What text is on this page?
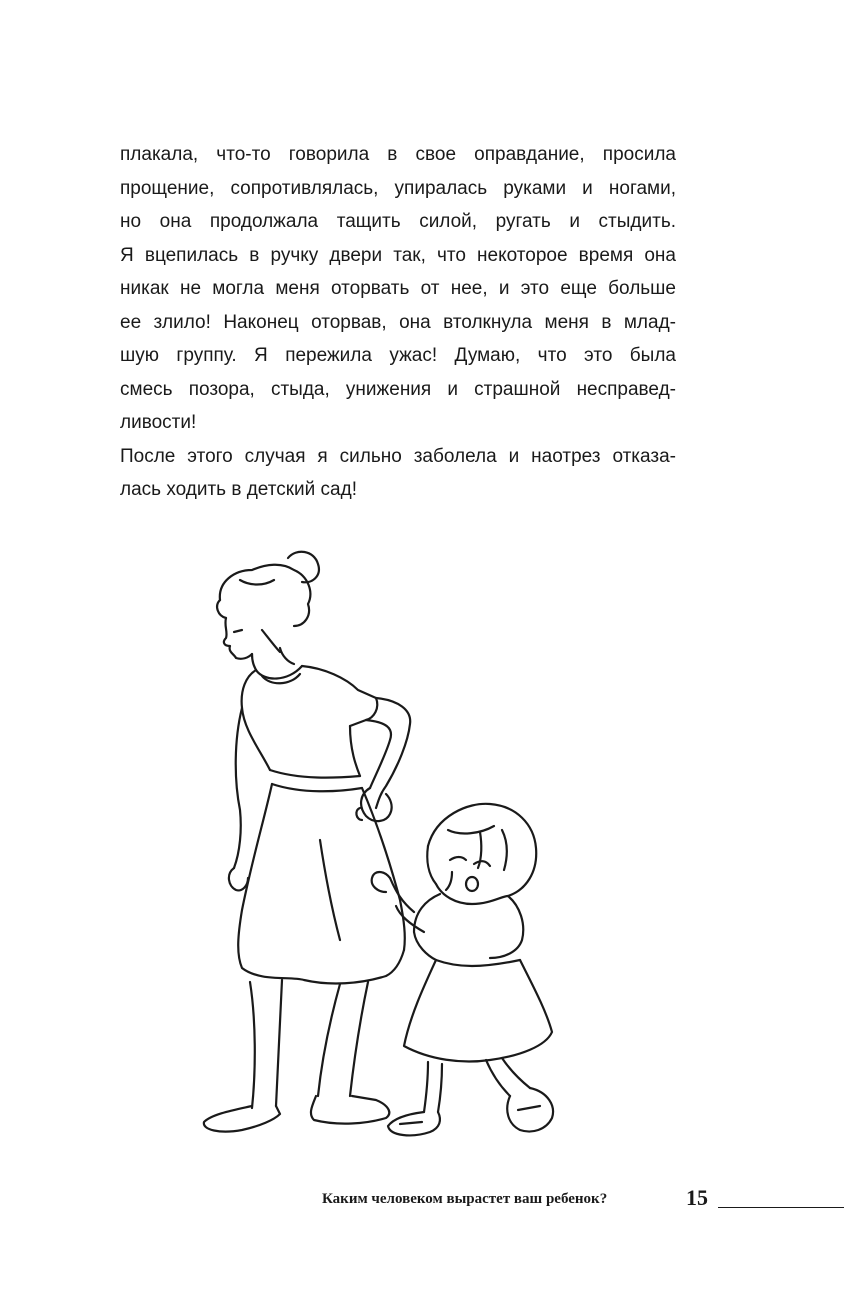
плакала, что-то говорила в свое оправдание, просила
прощение, сопротивлялась, упиралась руками и ногами,
но она продолжала тащить силой, ругать и стыдить.
Я вцепилась в ручку двери так, что некоторое время она
никак не могла меня оторвать от нее, и это еще больше
ее злило! Наконец оторвав, она втолкнула меня в млад-
шую группу. Я пережила ужас! Думаю, что это была
смесь позора, стыда, унижения и страшной несправед-
ливости!
После этого случая я сильно заболела и наотрез отказа-
лась ходить в детский сад!
Каким человеком вырастет ваш ребенок?	15
